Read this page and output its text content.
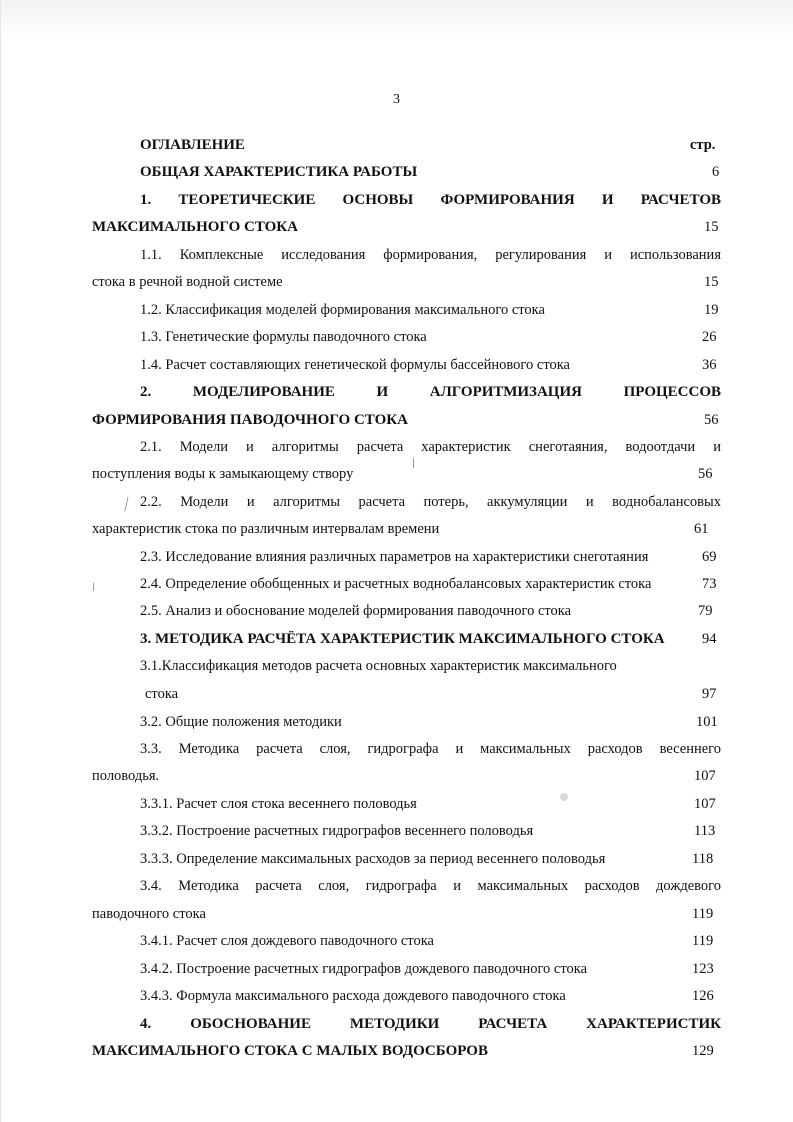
3
ОГЛАВЛЕНИЕ	стр.
ОБЩАЯ ХАРАКТЕРИСТИКА РАБОТЫ	6
1. ТЕОРЕТИЧЕСКИЕ ОСНОВЫ ФОРМИРОВАНИЯ И РАСЧЕТОВ
МАКСИМАЛЬНОГО СТОКА	15
1.1. Комплексные исследования формирования, регулирования и использования
стока в речной водной системе	15
1.2. Классификация моделей формирования максимального стока	19
1.3. Генетические формулы паводочного стока	26
1.4. Расчет составляющих генетической формулы бассейнового стока	36
2. МОДЕЛИРОВАНИЕ И АЛГОРИТМИЗАЦИЯ ПРОЦЕССОВ
ФОРМИРОВАНИЯ ПАВОДОЧНОГО СТОКА	56
2.1. Модели и алгоритмы расчета характеристик снеготаяния, водоотдачи и
поступления воды к замыкающему створу	56
2.2. Модели и алгоритмы расчета потерь, аккумуляции и воднобалансовых
характеристик стока по различным интервалам времени	61
2.3. Исследование влияния различных параметров на характеристики снеготаяния	69
2.4. Определение обобщенных и расчетных воднобалансовых характеристик стока	73
2.5. Анализ и обоснование моделей формирования паводочного стока	79
3. МЕТОДИКА РАСЧЁТА ХАРАКТЕРИСТИК МАКСИМАЛЬНОГО СТОКА	94
3.1.Классификация методов расчета основных характеристик максимального
стока	97
3.2. Общие положения методики	101
3.3. Методика расчета слоя, гидрографа и максимальных расходов весеннего
половодья.	107
3.3.1. Расчет слоя стока весеннего половодья	107
3.3.2. Построение расчетных гидрографов весеннего половодья	113
3.3.3. Определение максимальных расходов за период весеннего половодья	118
3.4. Методика расчета слоя, гидрографа и максимальных расходов дождевого
паводочного стока	119
3.4.1. Расчет слоя дождевого паводочного стока	119
3.4.2. Построение расчетных гидрографов дождевого паводочного стока	123
3.4.3. Формула максимального расхода дождевого паводочного стока	126
4. ОБОСНОВАНИЕ МЕТОДИКИ РАСЧЕТА ХАРАКТЕРИСТИК
МАКСИМАЛЬНОГО СТОКА С МАЛЫХ ВОДОСБОРОВ	129
